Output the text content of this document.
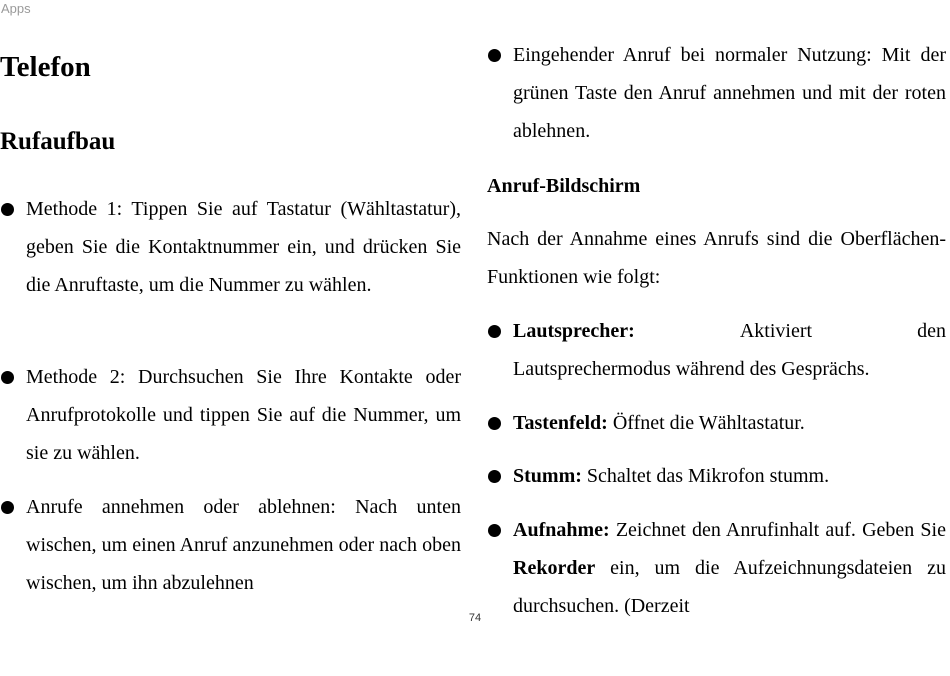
Apps
Telefon
Rufaufbau
Methode 1: Tippen Sie auf Tastatur (Wähltastatur), geben Sie die Kontaktnummer ein, und drücken Sie die Anruftaste, um die Nummer zu wählen.
Methode 2: Durchsuchen Sie Ihre Kontakte oder Anrufprotokolle und tippen Sie auf die Nummer, um sie zu wählen.
Anrufe annehmen oder ablehnen: Nach unten wischen, um einen Anruf anzunehmen oder nach oben wischen, um ihn abzulehnen
Eingehender Anruf bei normaler Nutzung: Mit der grünen Taste den Anruf annehmen und mit der roten ablehnen.
Anruf-Bildschirm

Nach der Annahme eines Anrufs sind die Oberflächen-Funktionen wie folgt:

Lautsprecher:	Aktiviert	den
Lautsprechermodus während des Gesprächs.
Tastenfeld: Öffnet die Wähltastatur.
Stumm: Schaltet das Mikrofon stumm.
Aufnahme: Zeichnet den Anrufinhalt auf. Geben Sie Rekorder ein, um die Aufzeichnungsdateien zu durchsuchen. (Derzeit
74
